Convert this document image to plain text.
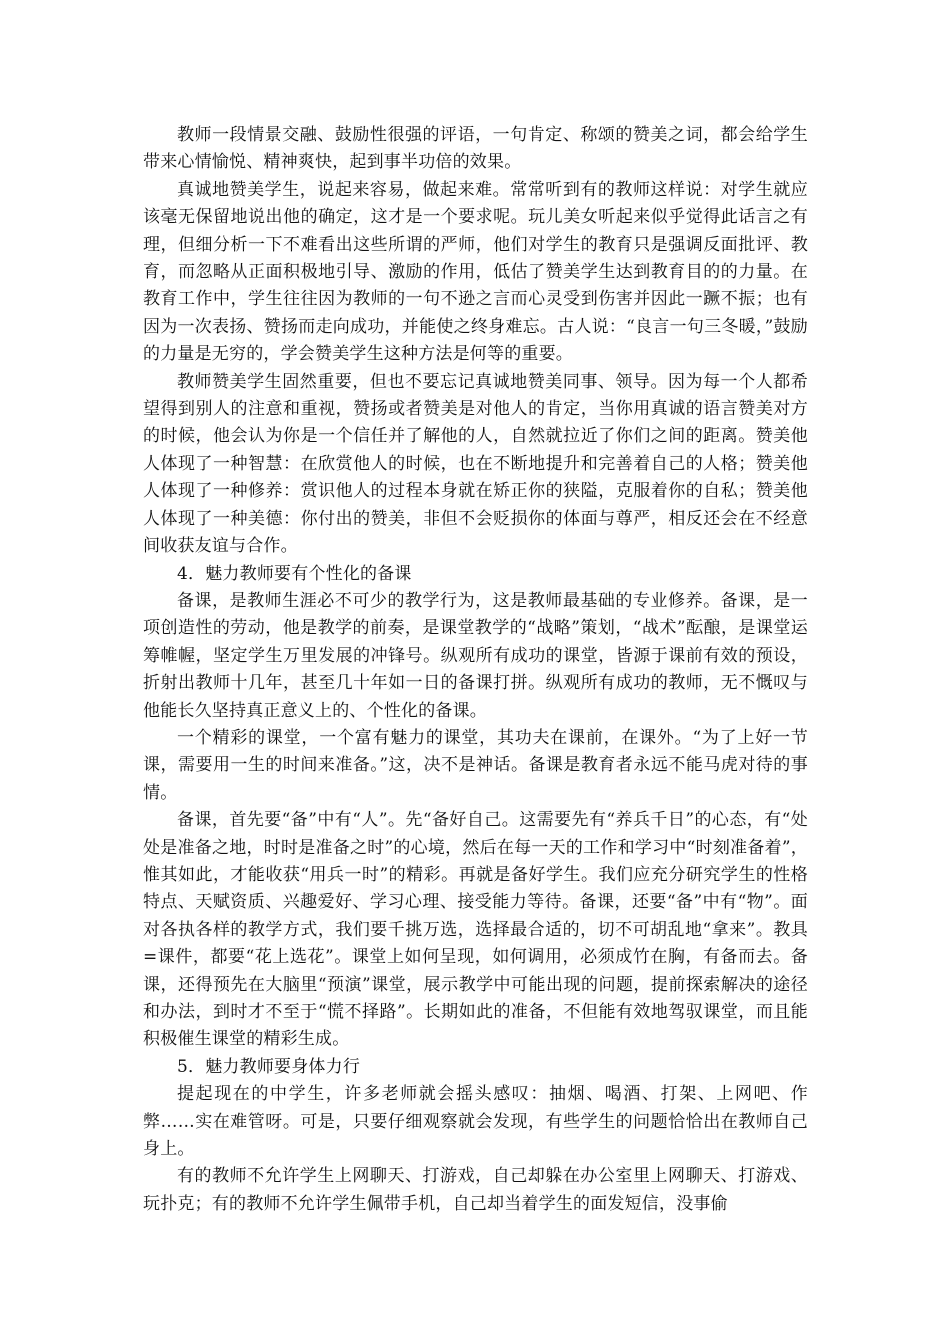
教师一段情景交融、鼓励性很强的评语，一句肯定、称颂的赞美之词，都会给学生带来心情愉悦、精神爽快，起到事半功倍的效果。

真诚地赞美学生，说起来容易，做起来难。常常听到有的教师这样说：对学生就应该毫无保留地说出他的确定，这才是一个要求呢。玩儿美女听起来似乎觉得此话言之有理，但细分析一下不难看出这些所谓的严师，他们对学生的教育只是强调反面批评、教育，而忽略从正面积极地引导、激励的作用，低估了赞美学生达到教育目的的力量。在教育工作中，学生往往因为教师的一句不逊之言而心灵受到伤害并因此一蹶不振；也有因为一次表扬、赞扬而走向成功，并能使之终身难忘。古人说：“良言一句三冬暖，”鼓励的力量是无穷的，学会赞美学生这种方法是何等的重要。

教师赞美学生固然重要，但也不要忘记真诚地赞美同事、领导。因为每一个人都希望得到别人的注意和重视，赞扬或者赞美是对他人的肯定，当你用真诚的语言赞美对方的时候，他会认为你是一个信任并了解他的人，自然就拉近了你们之间的距离。赞美他人体现了一种智慧：在欣赏他人的时候，也在不断地提升和完善着自己的人格；赞美他人体现了一种修养：赏识他人的过程本身就在矫正你的狭隘，克服着你的自私；赞美他人体现了一种美德：你付出的赞美，非但不会贬损你的体面与尊严，相反还会在不经意间收获友谊与合作。

4．魅力教师要有个性化的备课

备课，是教师生涯必不可少的教学行为，这是教师最基础的专业修养。备课，是一项创造性的劳动，他是教学的前奏，是课堂教学的“战略”策划，“战术”酝酿，是课堂运筹帷幄，坚定学生万里发展的冲锋号。纵观所有成功的课堂，皆源于课前有效的预设，折射出教师十几年，甚至几十年如一日的备课打拼。纵观所有成功的教师，无不慨叹与他能长久坚持真正意义上的、个性化的备课。

一个精彩的课堂，一个富有魅力的课堂，其功夫在课前，在课外。“为了上好一节课，需要用一生的时间来准备。”这，决不是神话。备课是教育者永远不能马虎对待的事情。

备课，首先要“备”中有“人”。先“备好自己。这需要先有“养兵千日”的心态，有“处处是准备之地，时时是准备之时”的心境，然后在每一天的工作和学习中“时刻准备着”，惟其如此，才能收获“用兵一时”的精彩。再就是备好学生。我们应充分研究学生的性格特点、天赋资质、兴趣爱好、学习心理、接受能力等待。备课，还要“备”中有“物”。面对各执各样的教学方式，我们要千挑万选，选择最合适的，切不可胡乱地“拿来”。教具=课件，都要“花上选花”。课堂上如何呈现，如何调用，必须成竹在胸，有备而去。备课，还得预先在大脑里“预演”课堂，展示教学中可能出现的问题，提前探索解决的途径和办法，到时才不至于“慌不择路”。长期如此的准备，不但能有效地驾驭课堂，而且能积极催生课堂的精彩生成。

5．魅力教师要身体力行

提起现在的中学生，许多老师就会摇头感叹：抽烟、喝酒、打架、上网吧、作弊……实在难管呀。可是，只要仔细观察就会发现，有些学生的问题恰恰出在教师自己身上。

有的教师不允许学生上网聊天、打游戏，自己却躲在办公室里上网聊天、打游戏、玩扑克；有的教师不允许学生佩带手机，自己却当着学生的面发短信，没事偷
